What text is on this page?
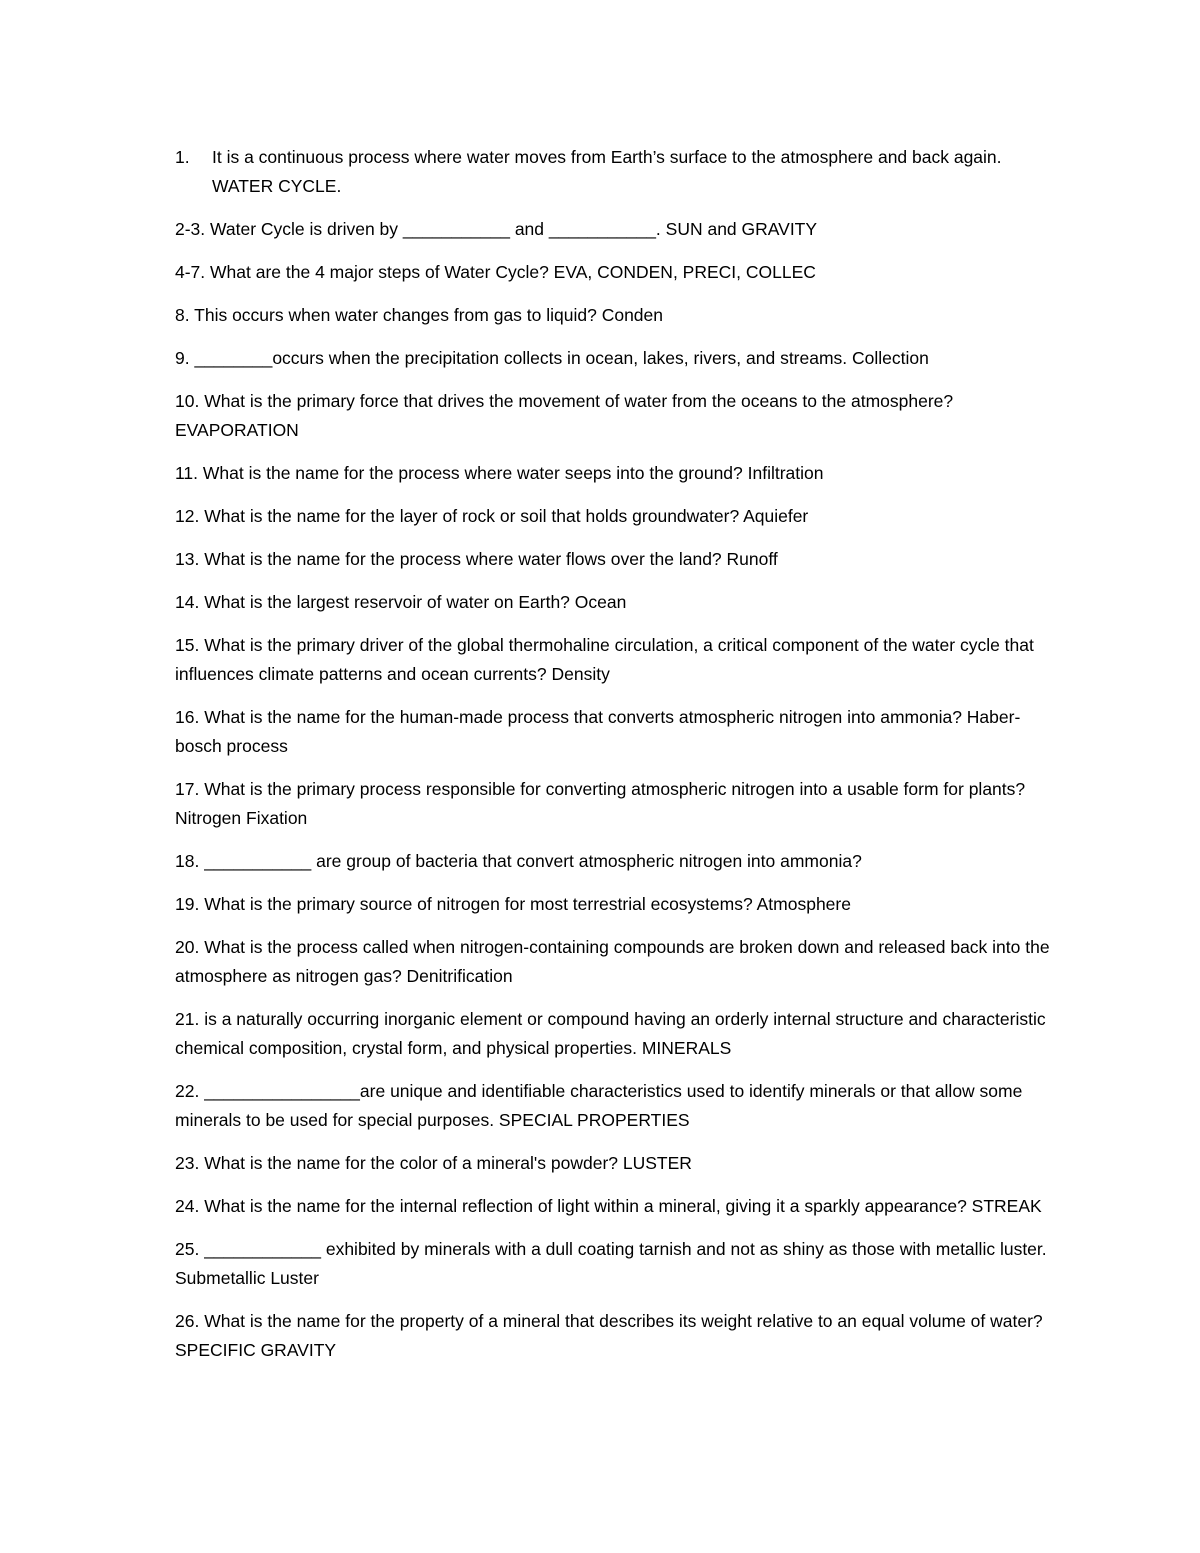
1.	It is a continuous process where water moves from Earth’s surface to the atmosphere and back again. WATER CYCLE.
2-3. Water Cycle is driven by ___________ and ___________. SUN and GRAVITY
4-7. What are the 4 major steps of Water Cycle? EVA, CONDEN, PRECI, COLLEC
8. This occurs when water changes from gas to liquid? Conden
9. ________occurs when the precipitation collects in ocean, lakes, rivers, and streams. Collection
10. What is the primary force that drives the movement of water from the oceans to the atmosphere? EVAPORATION
11. What is the name for the process where water seeps into the ground? Infiltration
12. What is the name for the layer of rock or soil that holds groundwater? Aquiefer
13. What is the name for the process where water flows over the land? Runoff
14. What is the largest reservoir of water on Earth? Ocean
15. What is the primary driver of the global thermohaline circulation, a critical component of the water cycle that influences climate patterns and ocean currents? Density
16. What is the name for the human-made process that converts atmospheric nitrogen into ammonia? Haber-bosch process
17. What is the primary process responsible for converting atmospheric nitrogen into a usable form for plants? Nitrogen Fixation
18. ___________ are group of bacteria that convert atmospheric nitrogen into ammonia?
19. What is the primary source of nitrogen for most terrestrial ecosystems? Atmosphere
20. What is the process called when nitrogen-containing compounds are broken down and released back into the atmosphere as nitrogen gas? Denitrification
21. is a naturally occurring inorganic element or compound having an orderly internal structure and characteristic chemical composition, crystal form, and physical properties. MINERALS
22. ________________are unique and identifiable characteristics used to identify minerals or that allow some minerals to be used for special purposes. SPECIAL PROPERTIES
23. What is the name for the color of a mineral's powder? LUSTER
24. What is the name for the internal reflection of light within a mineral, giving it a sparkly appearance? STREAK
25. ____________ exhibited by minerals with a dull coating tarnish and not as shiny as those with metallic luster. Submetallic Luster
26. What is the name for the property of a mineral that describes its weight relative to an equal volume of water? SPECIFIC GRAVITY
